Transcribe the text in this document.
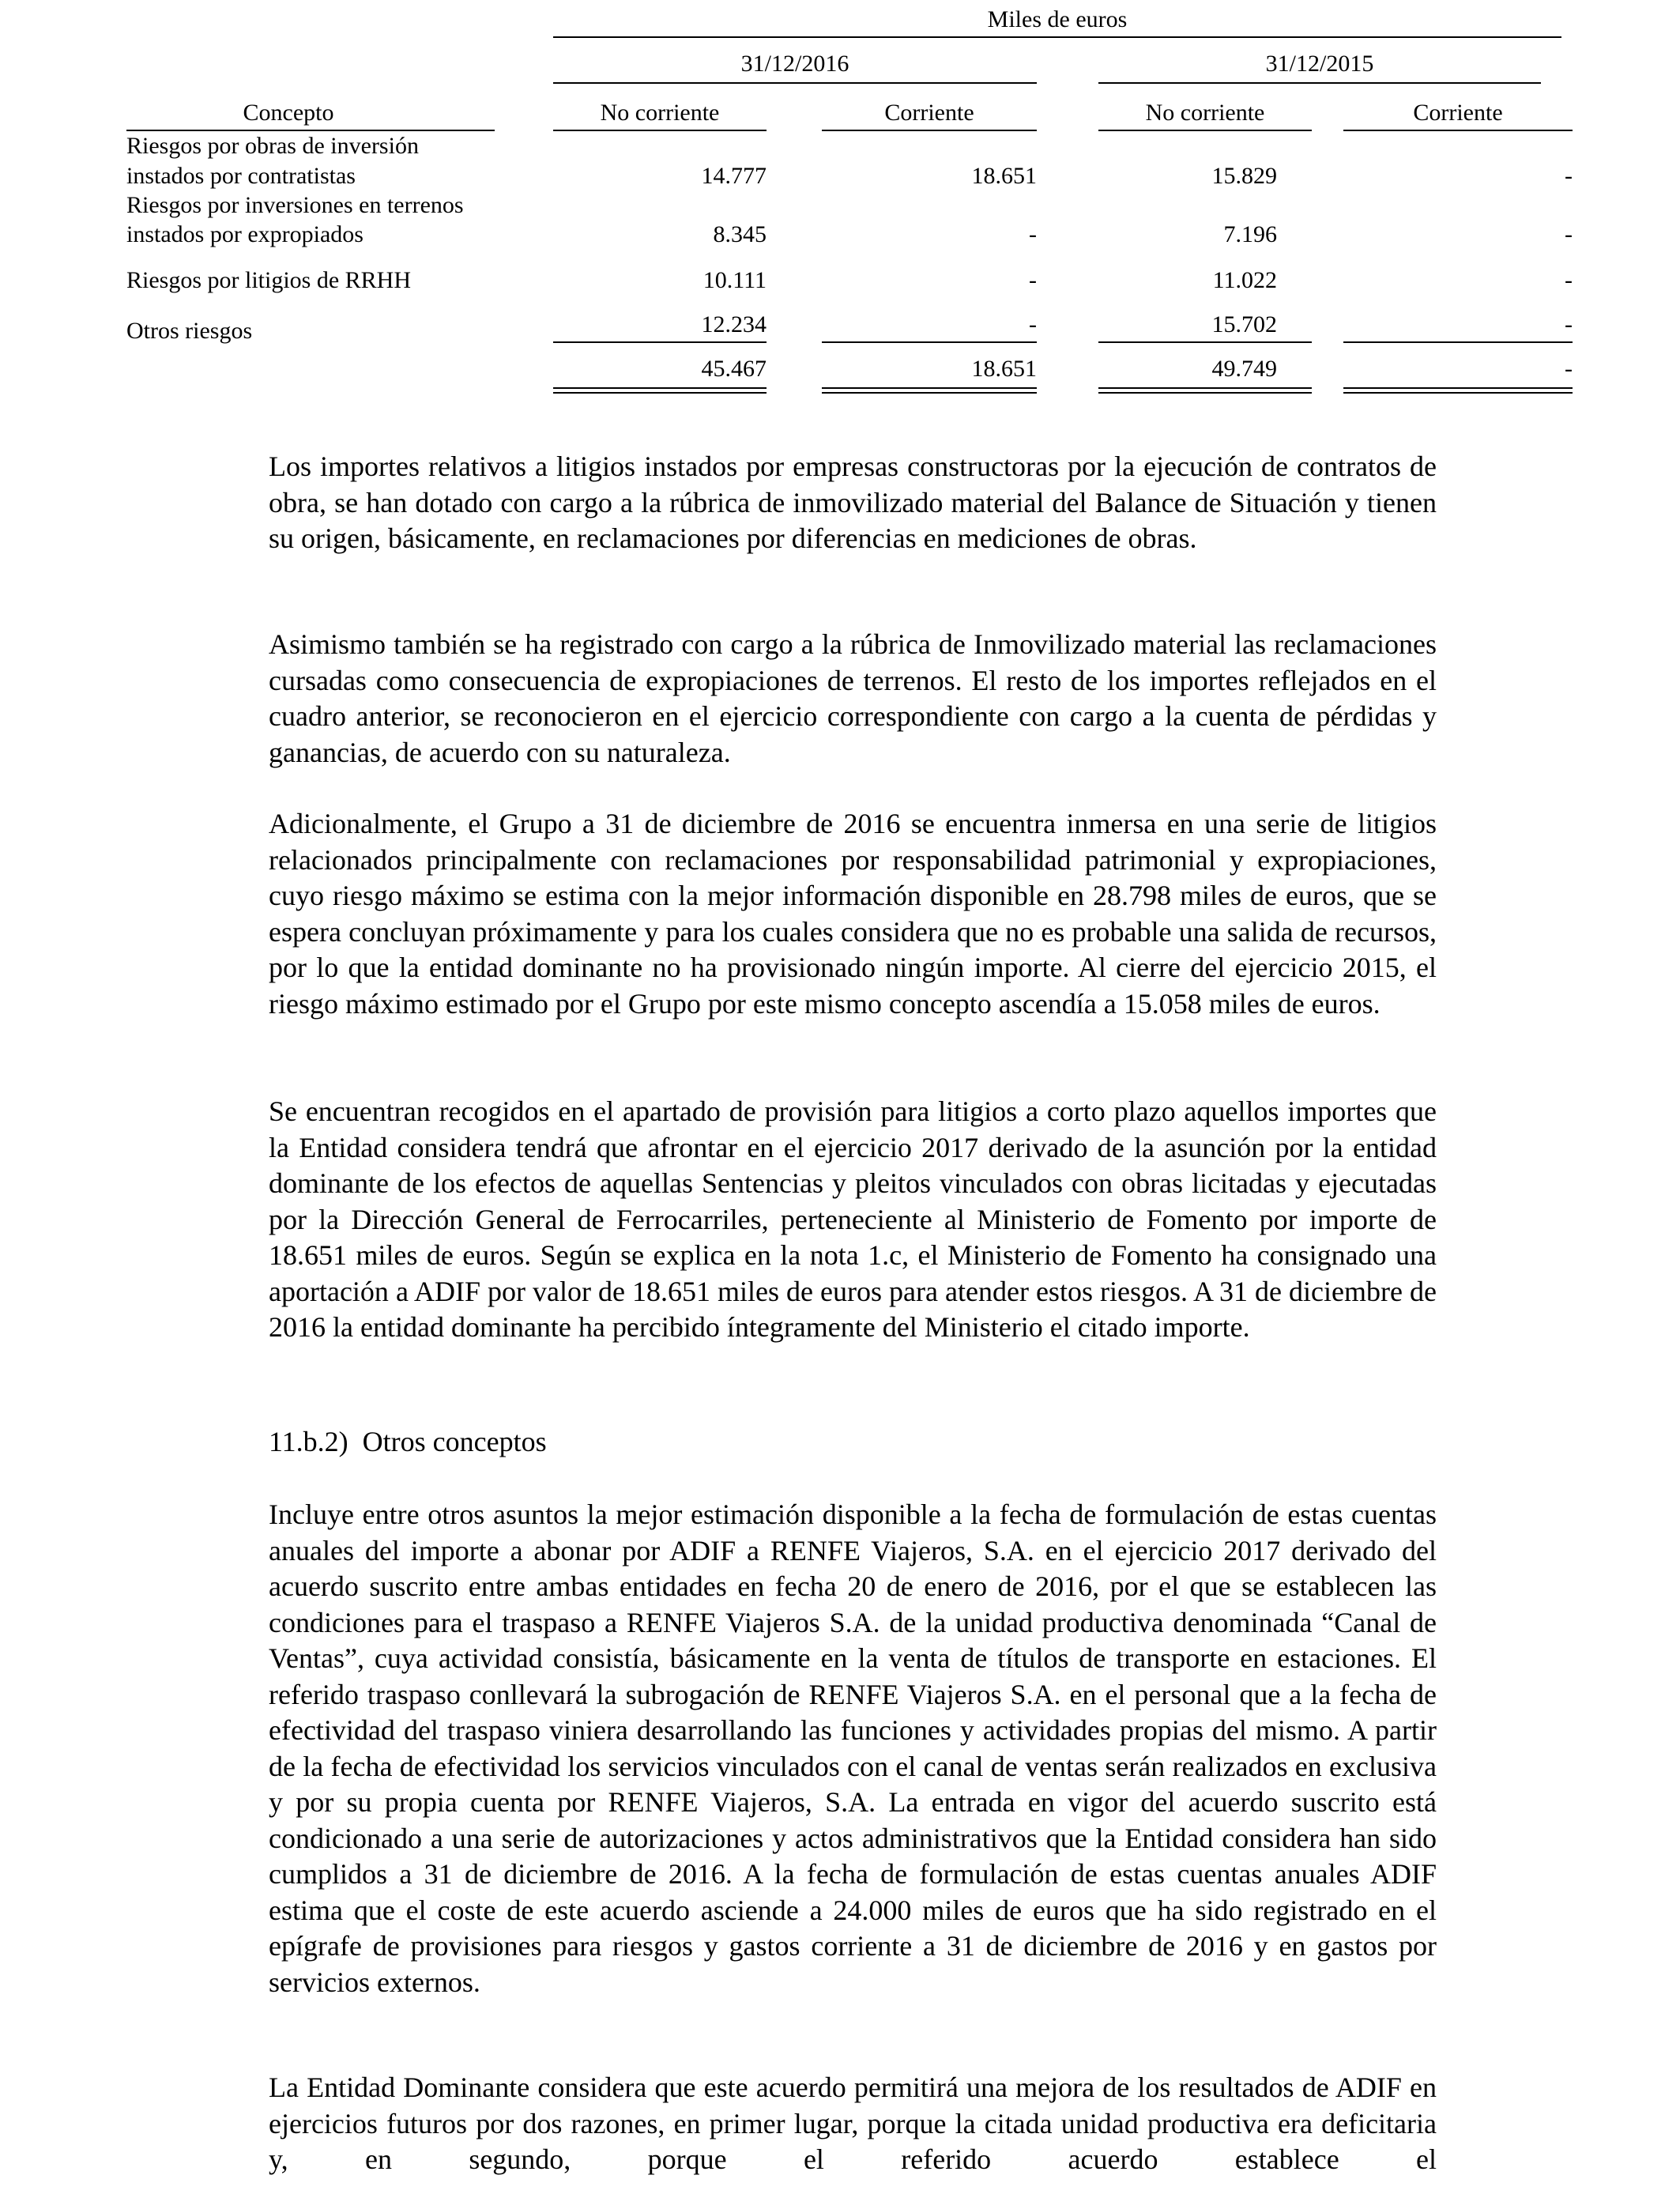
Miles de euros
31/12/2016	31/12/2015
Concepto	No corriente	Corriente	No corriente	Corriente
Riesgos por obras de inversión
instados por contratistas	14.777	18.651	15.829	-
Riesgos por inversiones en terrenos
instados por expropiados	8.345	-	7.196	-
Riesgos por litigios de RRHH	10.111	-	11.022	-
Otros riesgos	12.234	-	15.702	-
45.467	18.651	49.749	-
Los importes relativos a litigios instados por empresas constructoras por la ejecución de contratos de obra, se han dotado con cargo a la rúbrica de inmovilizado material del Balance de Situación y tienen su origen, básicamente, en reclamaciones por diferencias en mediciones de obras.
Asimismo también se ha registrado con cargo a la rúbrica de Inmovilizado material las reclamaciones cursadas como consecuencia de expropiaciones de terrenos. El resto de los importes reflejados en el cuadro anterior, se reconocieron en el ejercicio correspondiente con cargo a la cuenta de pérdidas y ganancias, de acuerdo con su naturaleza.
Adicionalmente, el Grupo a 31 de diciembre de 2016 se encuentra inmersa en una serie de litigios relacionados principalmente con reclamaciones por responsabilidad patrimonial y expropiaciones, cuyo riesgo máximo se estima con la mejor información disponible en 28.798 miles de euros, que se espera concluyan próximamente y para los cuales considera que no es probable una salida de recursos, por lo que la entidad dominante no ha provisionado ningún importe. Al cierre del ejercicio 2015, el riesgo máximo estimado por el Grupo por este mismo concepto ascendía a 15.058 miles de euros.
Se encuentran recogidos en el apartado de provisión para litigios a corto plazo aquellos importes que la Entidad considera tendrá que afrontar en el ejercicio 2017 derivado de la asunción por la entidad dominante de los efectos de aquellas Sentencias y pleitos vinculados con obras licitadas y ejecutadas por la Dirección General de Ferrocarriles, perteneciente al Ministerio de Fomento por importe de 18.651 miles de euros. Según se explica en la nota 1.c, el Ministerio de Fomento ha consignado una aportación a ADIF por valor de 18.651 miles de euros para atender estos riesgos. A 31 de diciembre de 2016 la entidad dominante ha percibido íntegramente del Ministerio el citado importe.
11.b.2) Otros conceptos
Incluye entre otros asuntos la mejor estimación disponible a la fecha de formulación de estas cuentas anuales del importe a abonar por ADIF a RENFE Viajeros, S.A. en el ejercicio 2017 derivado del acuerdo suscrito entre ambas entidades en fecha 20 de enero de 2016, por el que se establecen las condiciones para el traspaso a RENFE Viajeros S.A. de la unidad productiva denominada “Canal de Ventas”, cuya actividad consistía, básicamente en la venta de títulos de transporte en estaciones. El referido traspaso conllevará la subrogación de RENFE Viajeros S.A. en el personal que a la fecha de efectividad del traspaso viniera desarrollando las funciones y actividades propias del mismo. A partir de la fecha de efectividad los servicios vinculados con el canal de ventas serán realizados en exclusiva y por su propia cuenta por RENFE Viajeros, S.A. La entrada en vigor del acuerdo suscrito está condicionado a una serie de autorizaciones y actos administrativos que la Entidad considera han sido cumplidos a 31 de diciembre de 2016. A la fecha de formulación de estas cuentas anuales ADIF estima que el coste de este acuerdo asciende a 24.000 miles de euros que ha sido registrado en el epígrafe de provisiones para riesgos y gastos corriente a 31 de diciembre de 2016 y en gastos por servicios externos.
La Entidad Dominante considera que este acuerdo permitirá una mejora de los resultados de ADIF en ejercicios futuros por dos razones, en primer lugar, porque la citada unidad productiva era deficitaria y, en segundo, porque el referido acuerdo establece el
